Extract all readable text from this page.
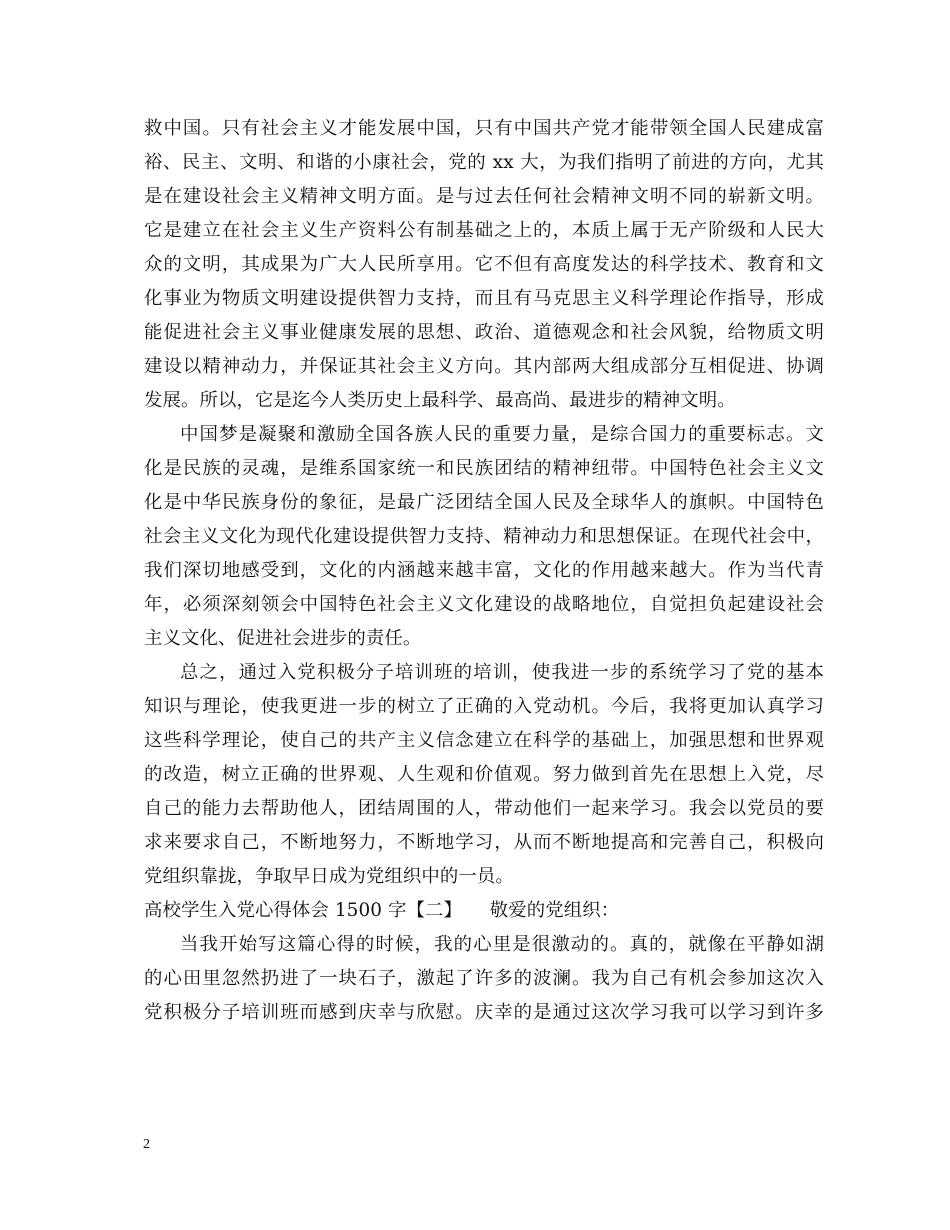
救中国。只有社会主义才能发展中国，只有中国共产党才能带领全国人民建成富
裕、民主、文明、和谐的小康社会，党的 xx 大，为我们指明了前进的方向，尤其
是在建设社会主义精神文明方面。是与过去任何社会精神文明不同的崭新文明。
它是建立在社会主义生产资料公有制基础之上的，本质上属于无产阶级和人民大
众的文明，其成果为广大人民所享用。它不但有高度发达的科学技术、教育和文
化事业为物质文明建设提供智力支持，而且有马克思主义科学理论作指导，形成
能促进社会主义事业健康发展的思想、政治、道德观念和社会风貌，给物质文明
建设以精神动力，并保证其社会主义方向。其内部两大组成部分互相促进、协调
发展。所以，它是迄今人类历史上最科学、最高尚、最进步的精神文明。
中国梦是凝聚和激励全国各族人民的重要力量，是综合国力的重要标志。文
化是民族的灵魂，是维系国家统一和民族团结的精神纽带。中国特色社会主义文
化是中华民族身份的象征，是最广泛团结全国人民及全球华人的旗帜。中国特色
社会主义文化为现代化建设提供智力支持、精神动力和思想保证。在现代社会中，
我们深切地感受到，文化的内涵越来越丰富，文化的作用越来越大。作为当代青
年，必须深刻领会中国特色社会主义文化建设的战略地位，自觉担负起建设社会
主义文化、促进社会进步的责任。
总之，通过入党积极分子培训班的培训，使我进一步的系统学习了党的基本
知识与理论，使我更进一步的树立了正确的入党动机。今后，我将更加认真学习
这些科学理论，使自己的共产主义信念建立在科学的基础上，加强思想和世界观
的改造，树立正确的世界观、人生观和价值观。努力做到首先在思想上入党，尽
自己的能力去帮助他人，团结周围的人，带动他们一起来学习。我会以党员的要
求来要求自己，不断地努力，不断地学习，从而不断地提高和完善自己，积极向
党组织靠拢，争取早日成为党组织中的一员。
高校学生入党心得体会 1500 字【二】　　敬爱的党组织：
当我开始写这篇心得的时候，我的心里是很激动的。真的，就像在平静如湖
的心田里忽然扔进了一块石子，激起了许多的波澜。我为自己有机会参加这次入
党积极分子培训班而感到庆幸与欣慰。庆幸的是通过这次学习我可以学习到许多
2
